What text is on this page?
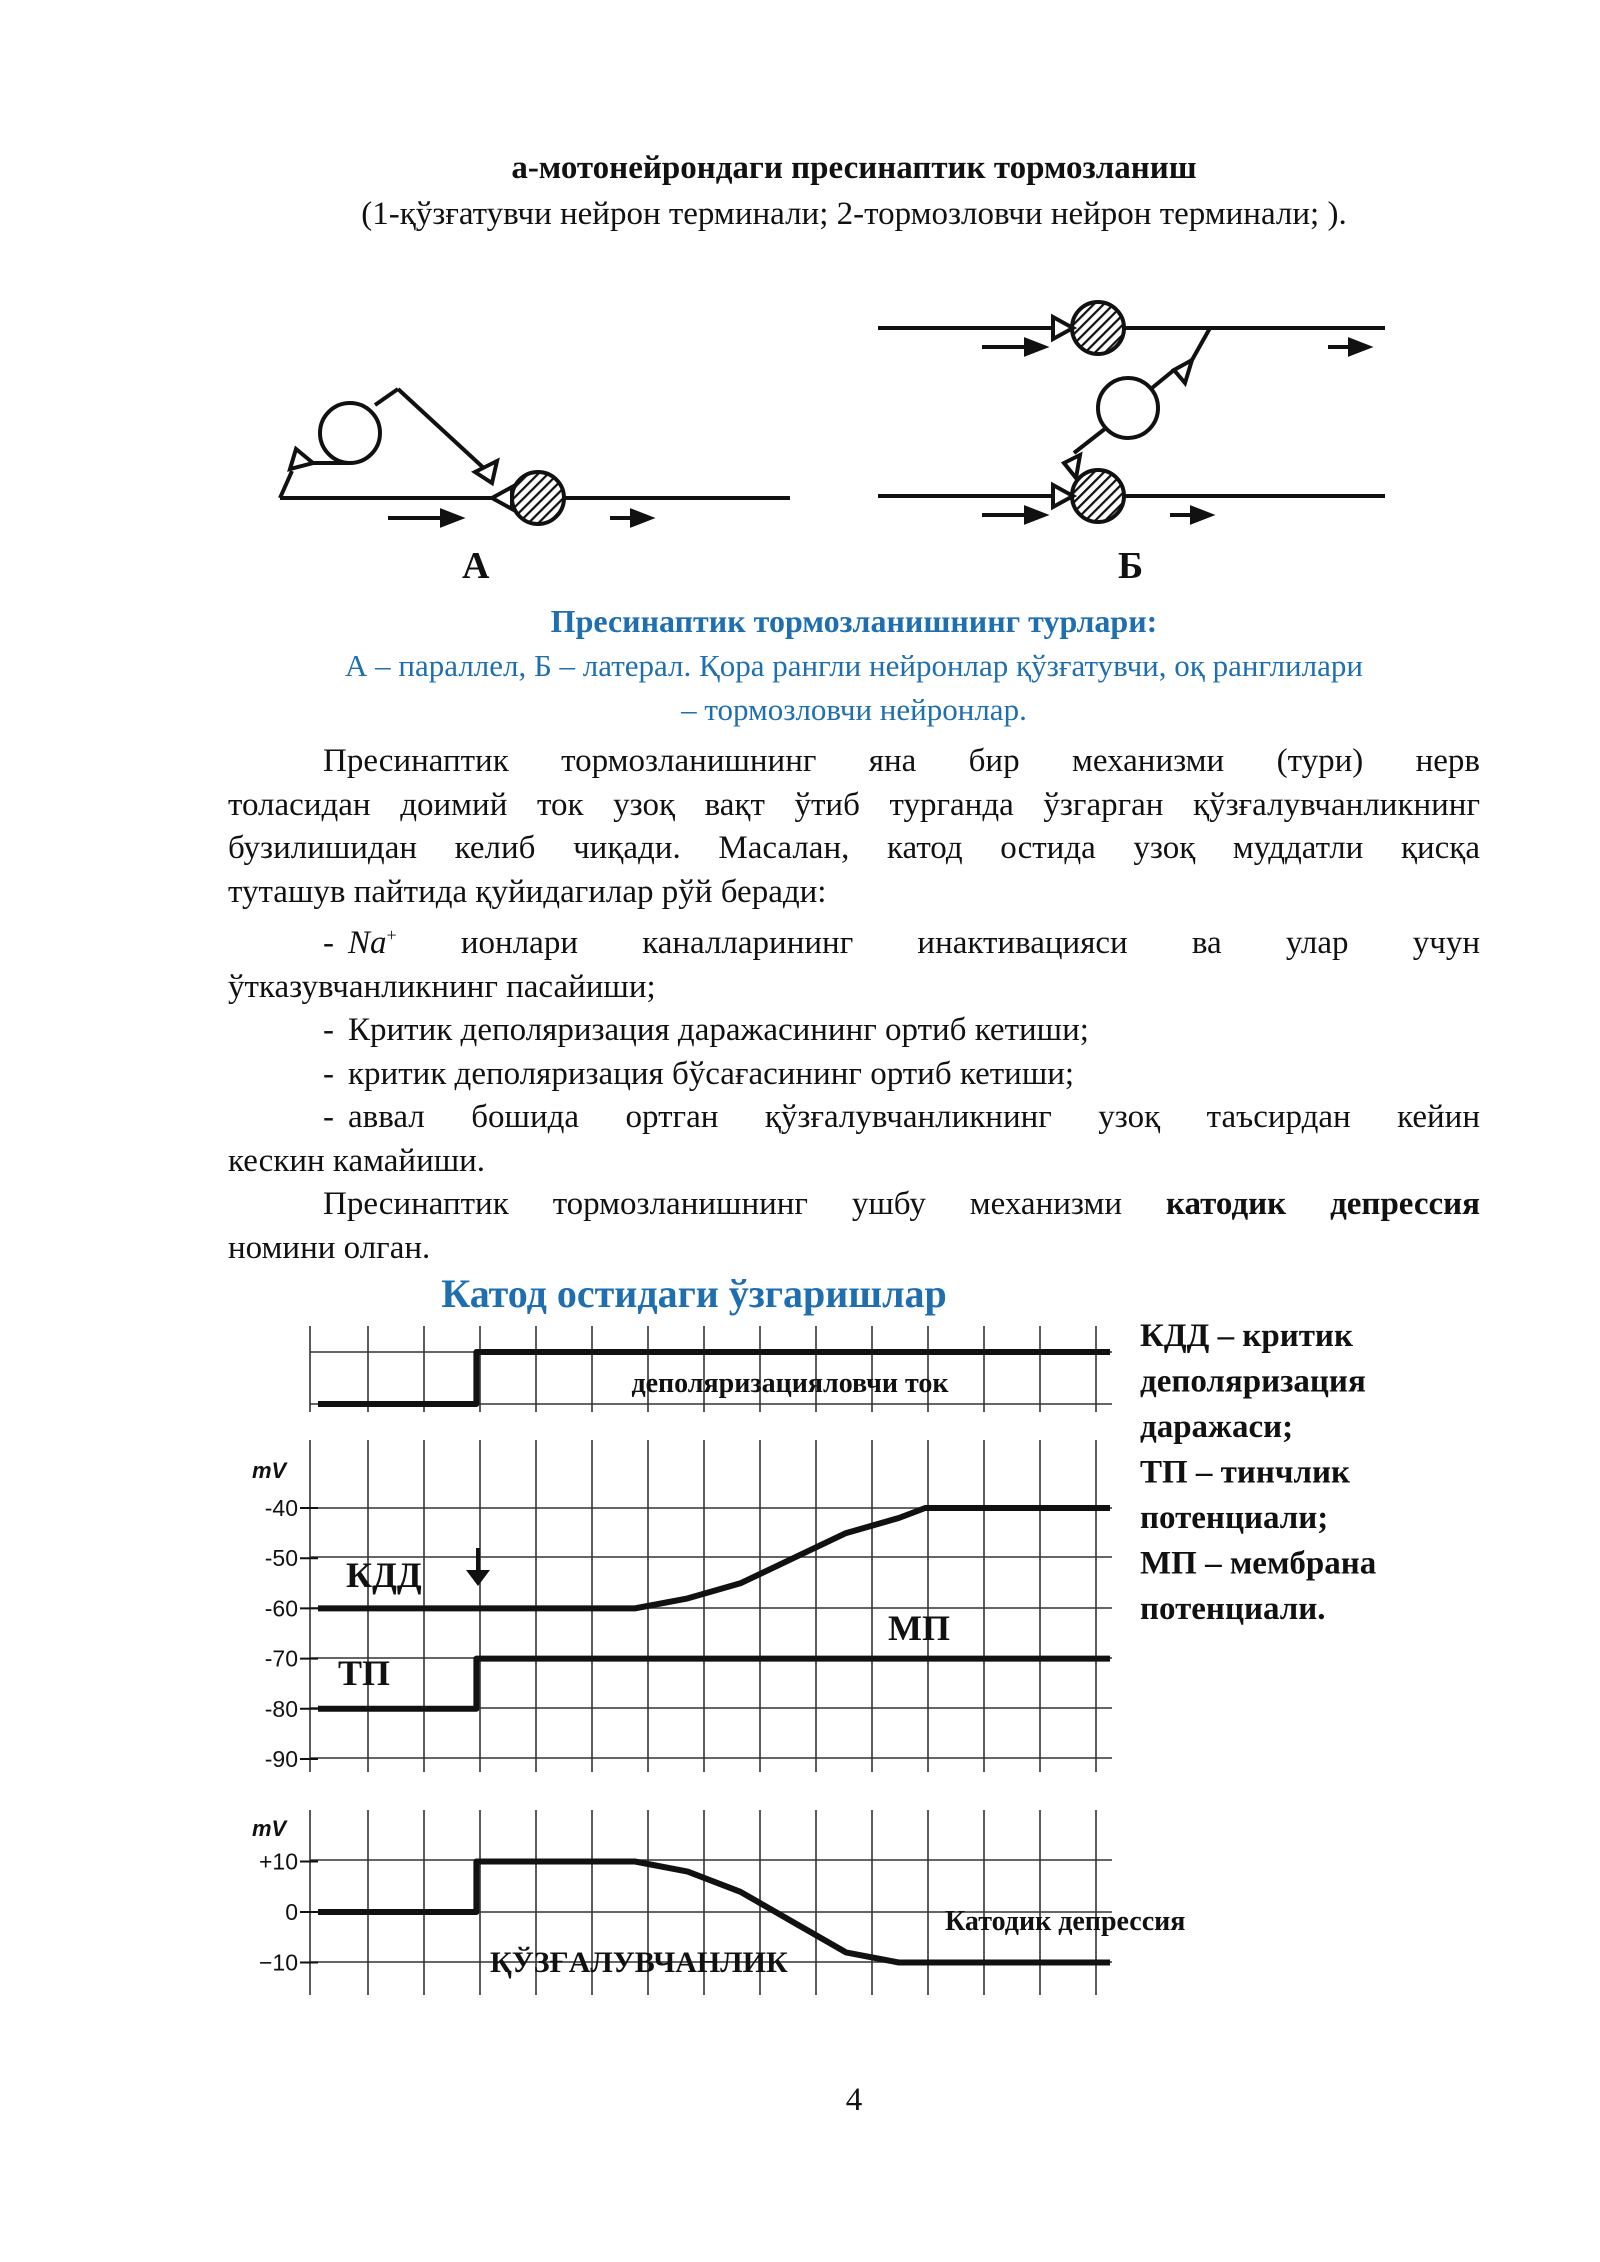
а-мотонейрондаги пресинаптик тормозланиш
(1-қўзғатувчи нейрон терминали; 2-тормозловчи нейрон терминали; ).
А	Б
Пресинаптик тормозланишнинг турлари:
А – параллел, Б – латерал. Қора рангли нейронлар қўзғатувчи, оқ ранглилари
– тормозловчи нейронлар.

Пресинаптик тормозланишнинг яна бир механизми (тури) нерв

толасидан доимий ток узоқ вақт ўтиб турганда ўзгарган қўзғалувчанликнинг

бузилишидан келиб чиқади. Масалан, катод остида узоқ муддатли қисқа

туташув пайтида қуйидагилар рўй беради:

- Na+ ионлари каналларининг инактивацияси ва улар учун

ўтказувчанликнинг пасайиши;

- Критик деполяризация даражасининг ортиб кетиши;

- критик деполяризация бўсағасининг ортиб кетиши;

- аввал бошида ортган қўзғалувчанликнинг узоқ таъсирдан кейин

кескин камайиши.

Пресинаптик тормозланишнинг ушбу механизми катодик депрессия

номини олган.

Катод остидаги ўзгаришлар
-40
-50
-60
-70
-80
-90
+10
0
−10
деполяризацияловчи ток
mV
КДД
ТП
МП
mV
ҚЎЗҒАЛУВЧАНЛИК
Катодик депрессия
КДД – критик
деполяризация
даражаси;
ТП – тинчлик
потенциали;
МП – мембрана
потенциали.
4
